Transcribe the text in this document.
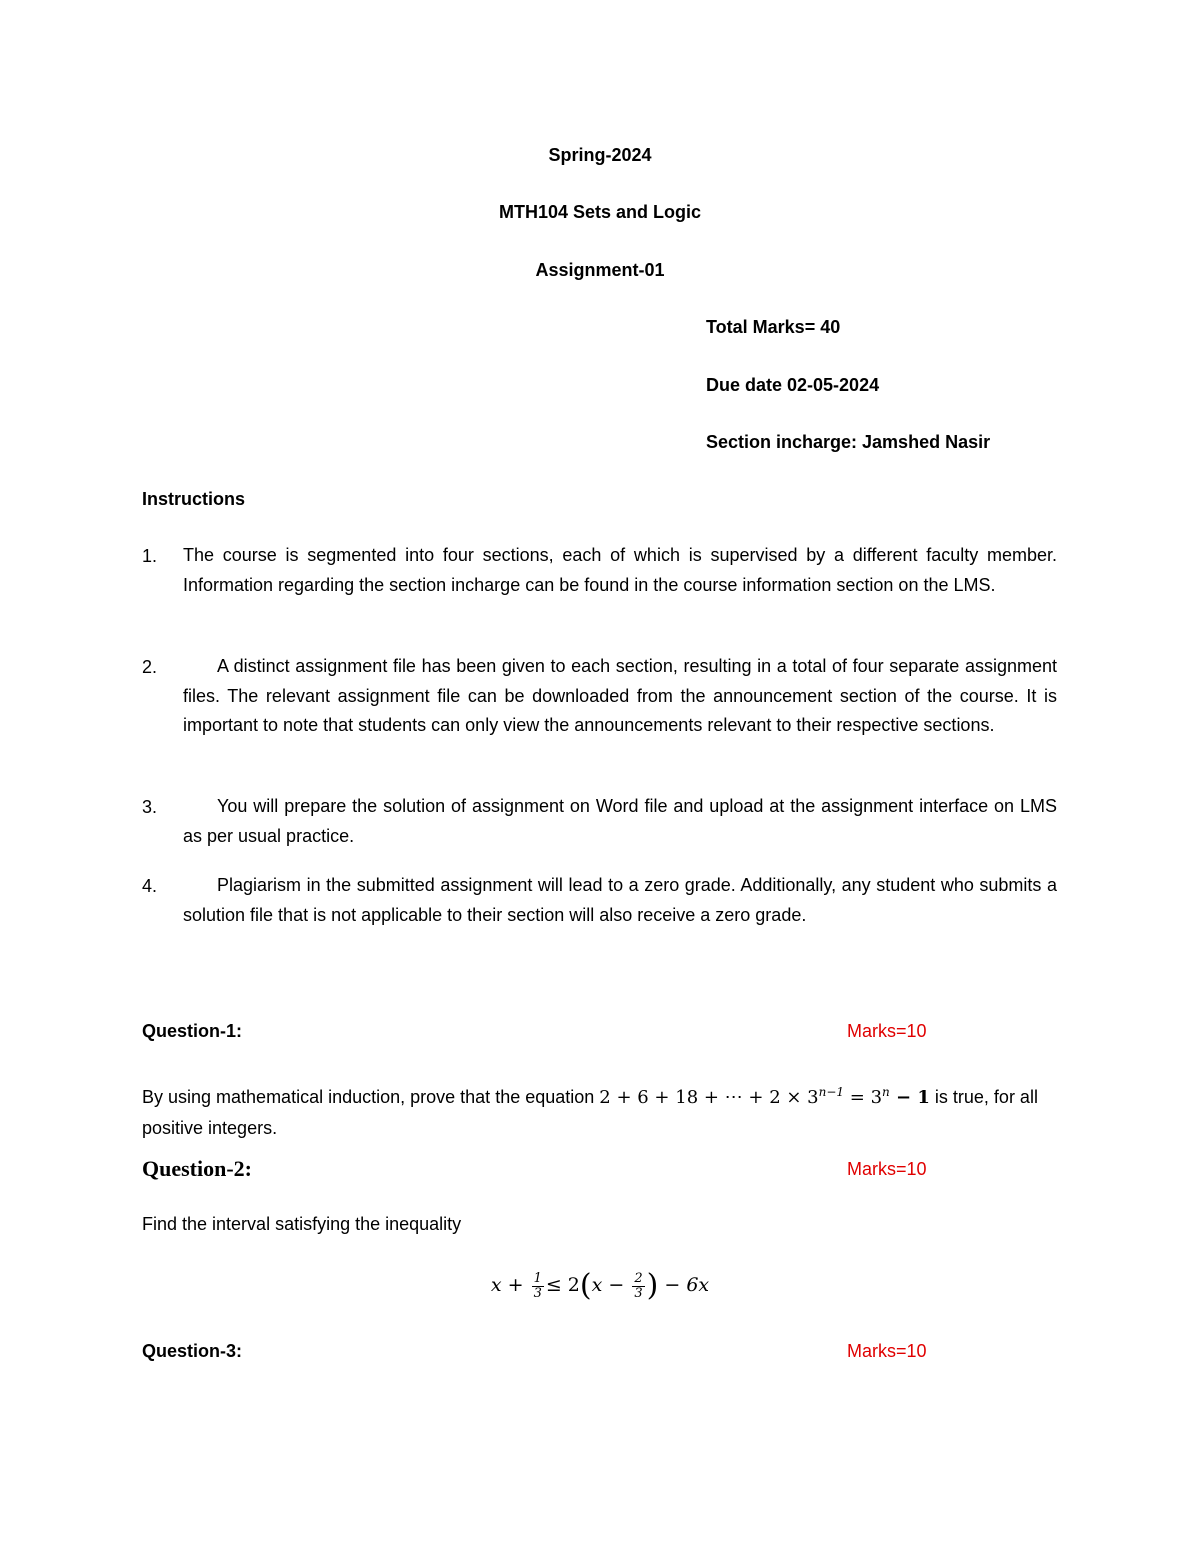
Spring-2024
MTH104 Sets and Logic
Assignment-01
Total Marks= 40
Due date 02-05-2024
Section incharge: Jamshed Nasir
Instructions
1. The course is segmented into four sections, each of which is supervised by a different faculty member. Information regarding the section incharge can be found in the course information section on the LMS.
2.	A distinct assignment file has been given to each section, resulting in a total of four separate assignment files. The relevant assignment file can be downloaded from the announcement section of the course. It is important to note that students can only view the announcements relevant to their respective sections.
3.	You will prepare the solution of assignment on Word file and upload at the assignment interface on LMS as per usual practice.
4.	Plagiarism in the submitted assignment will lead to a zero grade. Additionally, any student who submits a solution file that is not applicable to their section will also receive a zero grade.
Question-1:	Marks=10
By using mathematical induction, prove that the equation 2 + 6 + 18 + ⋯ + $2 \times 3^{n-1} = 3^n - 1$ is true, for all positive integers.
Question-2:	Marks=10
Find the interval satisfying the inequality
$x + \frac{1}{3} \le 2(x - \frac{2}{3}$ ) − 6x
Question-3:	Marks=10
